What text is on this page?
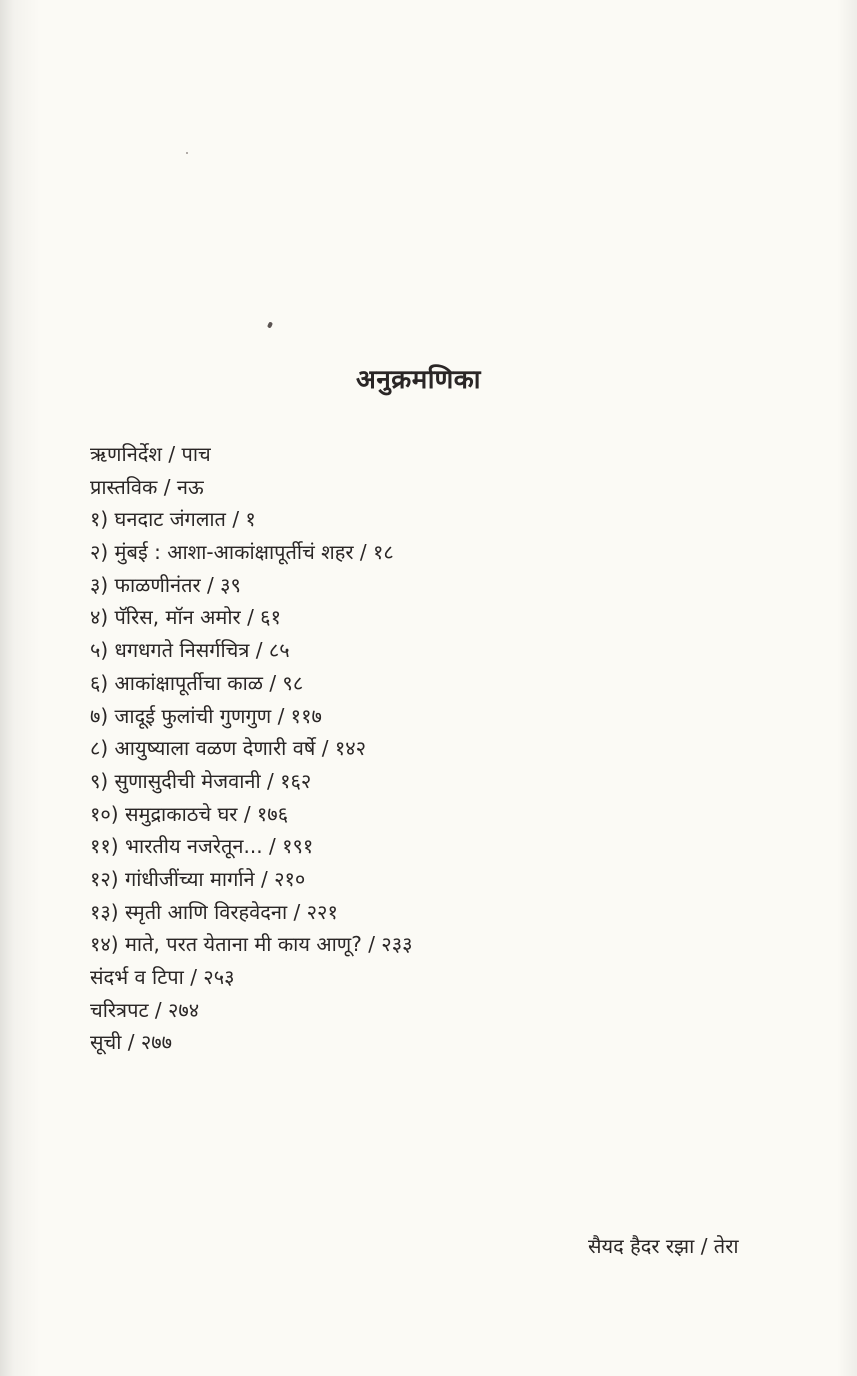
अनुक्रमणिका
ऋणनिर्देश / पाच
प्रास्तविक / नऊ
१) घनदाट जंगलात / १
२) मुंबई : आशा-आकांक्षापूर्तीचं शहर / १८
३) फाळणीनंतर / ३९
४) पॅरिस, मॉन अमोर / ६१
५) धगधगते निसर्गचित्र / ८५
६) आकांक्षापूर्तीचा काळ / ९८
७) जादूई फुलांची गुणगुण / ११७
८) आयुष्याला वळण देणारी वर्षे / १४२
९) सुणासुदीची मेजवानी / १६२
१०) समुद्राकाठचे घर / १७६
११) भारतीय नजरेतून... / १९१
१२) गांधीजींच्या मार्गाने / २१०
१३) स्मृती आणि विरहवेदना / २२१
१४) माते, परत येताना मी काय आणू? / २३३
संदर्भ व टिपा / २५३
चरित्रपट / २७४
सूची / २७७
सैयद हैदर रझा / तेरा
